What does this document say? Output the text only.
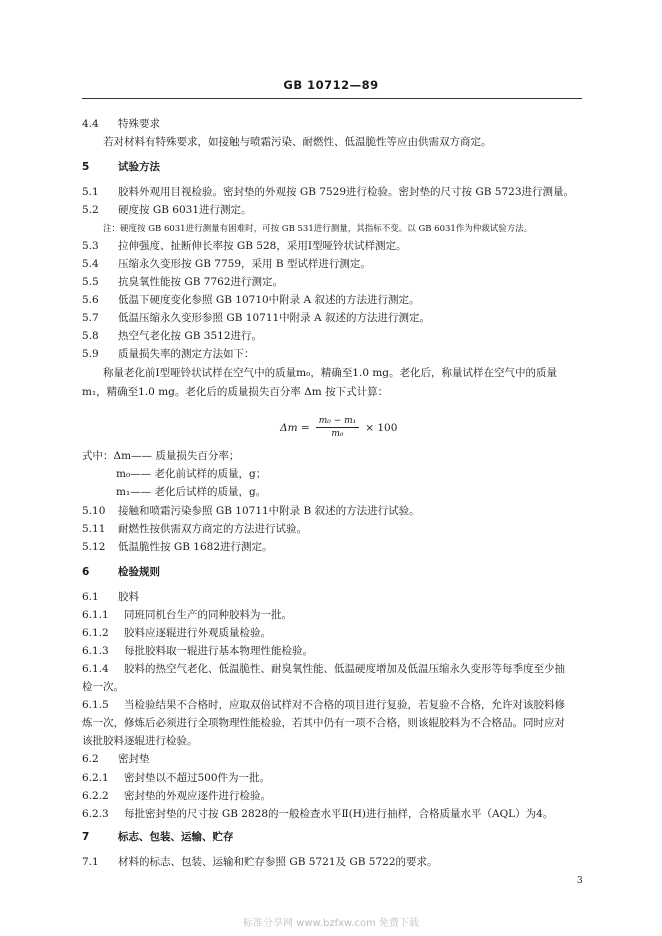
GB 10712—89
4.4 特殊要求
若对材料有特殊要求，如接触与喷霜污染、耐燃性、低温脆性等应由供需双方商定。
5	试验方法
5.1 胶料外观用目视检验。密封垫的外观按 GB 7529进行检验。密封垫的尺寸按 GB 5723进行测量。
5.2 硬度按 GB 6031进行测定。
注：硬度按 GB 6031进行测量有困难时，可按 GB 531进行测量，其指标不变。以 GB 6031作为仲裁试验方法。
5.3 拉伸强度、扯断伸长率按 GB 528，采用Ⅰ型哑铃状试样测定。
5.4 压缩永久变形按 GB 7759，采用 B 型试样进行测定。
5.5 抗臭氧性能按 GB 7762进行测定。
5.6 低温下硬度变化参照 GB 10710中附录 A 叙述的方法进行测定。
5.7 低温压缩永久变形参照 GB 10711中附录 A 叙述的方法进行测定。
5.8 热空气老化按 GB 3512进行。
5.9 质量损失率的测定方法如下：
称量老化前Ⅰ型哑铃状试样在空气中的质量m₀，精确至1.0 mg。老化后，称量试样在空气中的质量
m₁，精确至1.0 mg。老化后的质量损失百分率 Δm 按下式计算：
$\Delta m = \frac{\text{m₀ − m₁}}{\text{m₀}} \times 100$
式中：Δm—— 质量损失百分率；
m₀—— 老化前试样的质量，g；
m₁—— 老化后试样的质量，g。
5.10 接触和喷霜污染参照 GB 10711中附录 B 叙述的方法进行试验。
5.11 耐燃性按供需双方商定的方法进行试验。
5.12 低温脆性按 GB 1682进行测定。
6	检验规则
6.1 胶料
6.1.1 同班同机台生产的同种胶料为一批。
6.1.2 胶料应逐辊进行外观质量检验。
6.1.3 每批胶料取一辊进行基本物理性能检验。
6.1.4 胶料的热空气老化、低温脆性、耐臭氧性能、低温硬度增加及低温压缩永久变形等每季度至少抽
检一次。
6.1.5 当检验结果不合格时，应取双倍试样对不合格的项目进行复验，若复验不合格，允许对该胶料修
炼一次，修炼后必须进行全项物理性能检验，若其中仍有一项不合格，则该辊胶料为不合格品。同时应对
该批胶料逐辊进行检验。
6.2 密封垫
6.2.1 密封垫以不超过500件为一批。
6.2.2 密封垫的外观应逐件进行检验。
6.2.3 每批密封垫的尺寸按 GB 2828的一般检查水平Ⅱ(H)进行抽样，合格质量水平（AQL）为4。
7	标志、包装、运输、贮存
7.1 材料的标志、包装、运输和贮存参照 GB 5721及 GB 5722的要求。
3
标准分享网 www.bzfxw.com 免费下载
